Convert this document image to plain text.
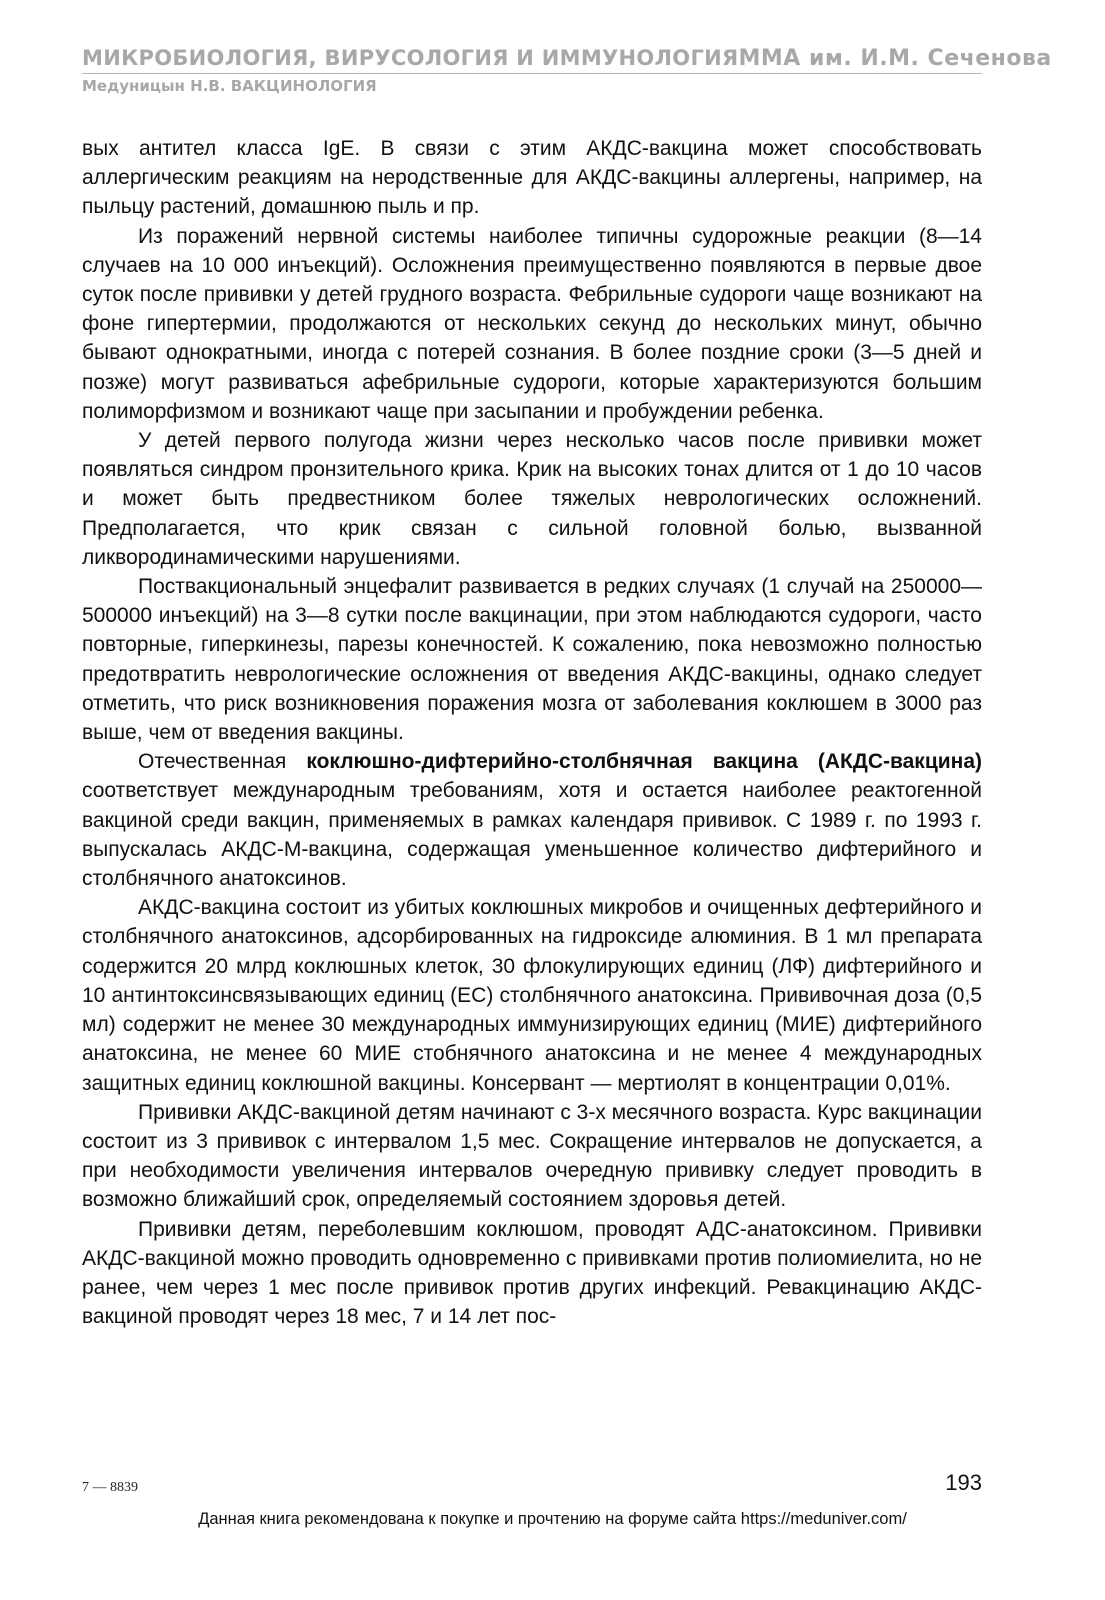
МИКРОБИОЛОГИЯ, ВИРУСОЛОГИЯ И ИММУНОЛОГИЯ ММА им. И.М. Сеченова
Медуницын Н.В. ВАКЦИНОЛОГИЯ

вых антител класса IgE. В связи с этим АКДС-вакцина может способствовать аллергическим реакциям на неродственные для АКДС-вакцины аллергены, например, на пыльцу растений, домашнюю пыль и пр.

Из поражений нервной системы наиболее типичны судорожные реакции (8—14 случаев на 10 000 инъекций). Осложнения преимущественно появляются в первые двое суток после прививки у детей грудного возраста. Фебрильные судороги чаще возникают на фоне гипертермии, продолжаются от нескольких секунд до нескольких минут, обычно бывают однократными, иногда с потерей сознания. В более поздние сроки (3—5 дней и позже) могут развиваться афебрильные судороги, которые характеризуются большим полиморфизмом и возникают чаще при засыпании и пробуждении ребенка.

У детей первого полугода жизни через несколько часов после прививки может появляться синдром пронзительного крика. Крик на высоких тонах длится от 1 до 10 часов и может быть предвестником более тяжелых неврологических осложнений. Предполагается, что крик связан с сильной головной болью, вызванной ликвородинамическими нарушениями.

Поствакциональный энцефалит развивается в редких случаях (1 случай на 250000—500000 инъекций) на 3—8 сутки после вакцинации, при этом наблюдаются судороги, часто повторные, гиперкинезы, парезы конечностей. К сожалению, пока невозможно полностью предотвратить неврологические осложнения от введения АКДС-вакцины, однако следует отметить, что риск возникновения поражения мозга от заболевания коклюшем в 3000 раз выше, чем от введения вакцины.

Отечественная коклюшно-дифтерийно-столбнячная вакцина (АКДС-вакцина) соответствует международным требованиям, хотя и остается наиболее реактогенной вакциной среди вакцин, применяемых в рамках календаря прививок. С 1989 г. по 1993 г. выпускалась АКДС-М-вакцина, содержащая уменьшенное количество дифтерийного и столбнячного анатоксинов.

АКДС-вакцина состоит из убитых коклюшных микробов и очищенных дефтерийного и столбнячного анатоксинов, адсорбированных на гидроксиде алюминия. В 1 мл препарата содержится 20 млрд коклюшных клеток, 30 флокулирующих единиц (ЛФ) дифтерийного и 10 антинтоксинсвязывающих единиц (ЕС) столбнячного анатоксина. Прививочная доза (0,5 мл) содержит не менее 30 международных иммунизирующих единиц (МИЕ) дифтерийного анатоксина, не менее 60 МИЕ стобнячного анатоксина и не менее 4 международных защитных единиц коклюшной вакцины. Консервант — мертиолят в концентрации 0,01%.

Прививки АКДС-вакциной детям начинают с 3-х месячного возраста. Курс вакцинации состоит из 3 прививок с интервалом 1,5 мес. Сокращение интервалов не допускается, а при необходимости увеличения интервалов очередную прививку следует проводить в возможно ближайший срок, определяемый состоянием здоровья детей.

Прививки детям, переболевшим коклюшом, проводят АДС-анатоксином. Прививки АКДС-вакциной можно проводить одновременно с прививками против полиомиелита, но не ранее, чем через 1 мес после прививок против других инфекций. Ревакцинацию АКДС-вакциной проводят через 18 мес, 7 и 14 лет пос-

7 — 8839	193
Данная книга рекомендована к покупке и прочтению на форуме сайта https://meduniver.com/
